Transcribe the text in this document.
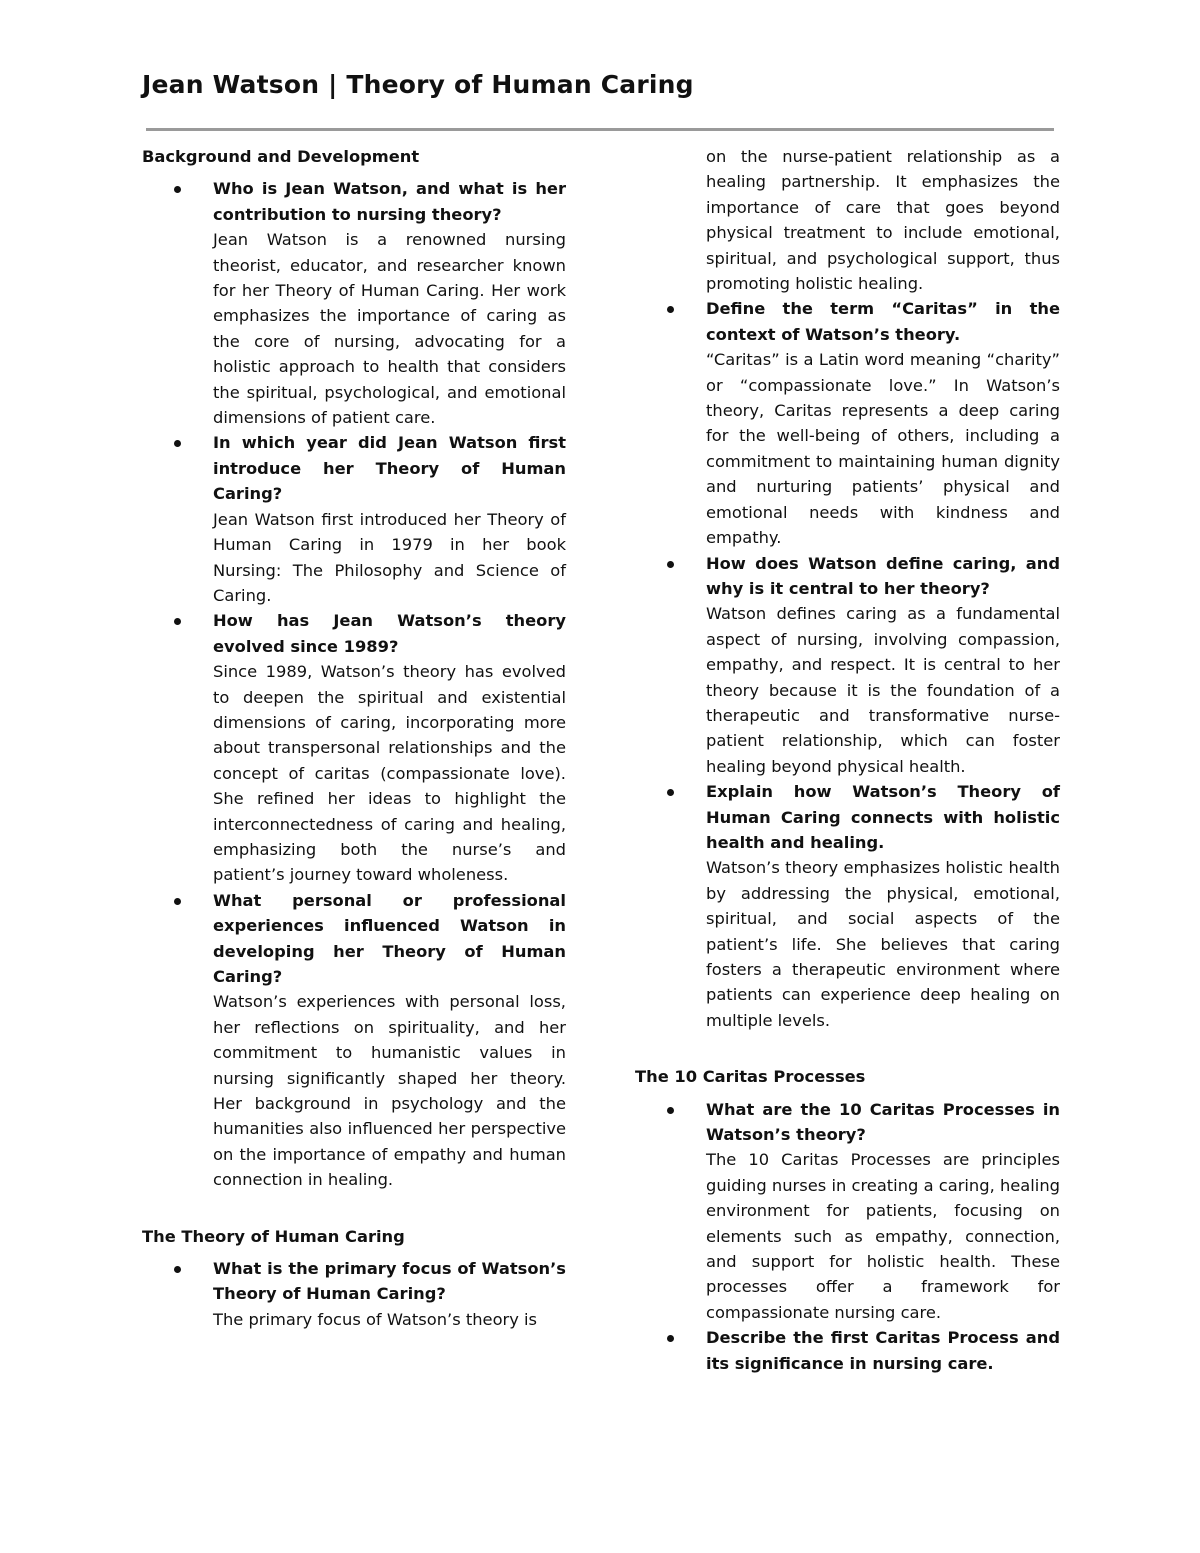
Jean Watson | Theory of Human Caring
Background and Development

Who is Jean Watson, and what is her contribution to nursing theory?

Jean Watson is a renowned nursing theorist, educator, and researcher known for her Theory of Human Caring. Her work emphasizes the importance of caring as the core of nursing, advocating for a holistic approach to health that considers the spiritual, psychological, and emotional dimensions of patient care.

In which year did Jean Watson first introduce her Theory of Human Caring?

Jean Watson first introduced her Theory of Human Caring in 1979 in her book Nursing: The Philosophy and Science of Caring.

How has Jean Watson’s theory evolved since 1989?

Since 1989, Watson’s theory has evolved to deepen the spiritual and existential dimensions of caring, incorporating more about transpersonal relationships and the concept of caritas (compassionate love). She refined her ideas to highlight the interconnectedness of caring and healing, emphasizing both the nurse’s and patient’s journey toward wholeness.

What personal or professional experiences influenced Watson in developing her Theory of Human Caring?

Watson’s experiences with personal loss, her reflections on spirituality, and her commitment to humanistic values in nursing significantly shaped her theory. Her background in psychology and the humanities also influenced her perspective on the importance of empathy and human connection in healing.

The Theory of Human Caring

What is the primary focus of Watson’s Theory of Human Caring?

The primary focus of Watson’s theory is

on the nurse-patient relationship as a healing partnership. It emphasizes the importance of care that goes beyond physical treatment to include emotional, spiritual, and psychological support, thus promoting holistic healing.

Define the term “Caritas” in the context of Watson’s theory.

“Caritas” is a Latin word meaning “charity” or “compassionate love.” In Watson’s theory, Caritas represents a deep caring for the well-being of others, including a commitment to maintaining human dignity and nurturing patients’ physical and emotional needs with kindness and empathy.

How does Watson define caring, and why is it central to her theory?

Watson defines caring as a fundamental aspect of nursing, involving compassion, empathy, and respect. It is central to her theory because it is the foundation of a therapeutic and transformative nurse-patient relationship, which can foster healing beyond physical health.

Explain how Watson’s Theory of Human Caring connects with holistic health and healing.

Watson’s theory emphasizes holistic health by addressing the physical, emotional, spiritual, and social aspects of the patient’s life. She believes that caring fosters a therapeutic environment where patients can experience deep healing on multiple levels.

The 10 Caritas Processes

What are the 10 Caritas Processes in Watson’s theory?

The 10 Caritas Processes are principles guiding nurses in creating a caring, healing environment for patients, focusing on elements such as empathy, connection, and support for holistic health. These processes offer a framework for compassionate nursing care.

Describe the first Caritas Process and its significance in nursing care.
